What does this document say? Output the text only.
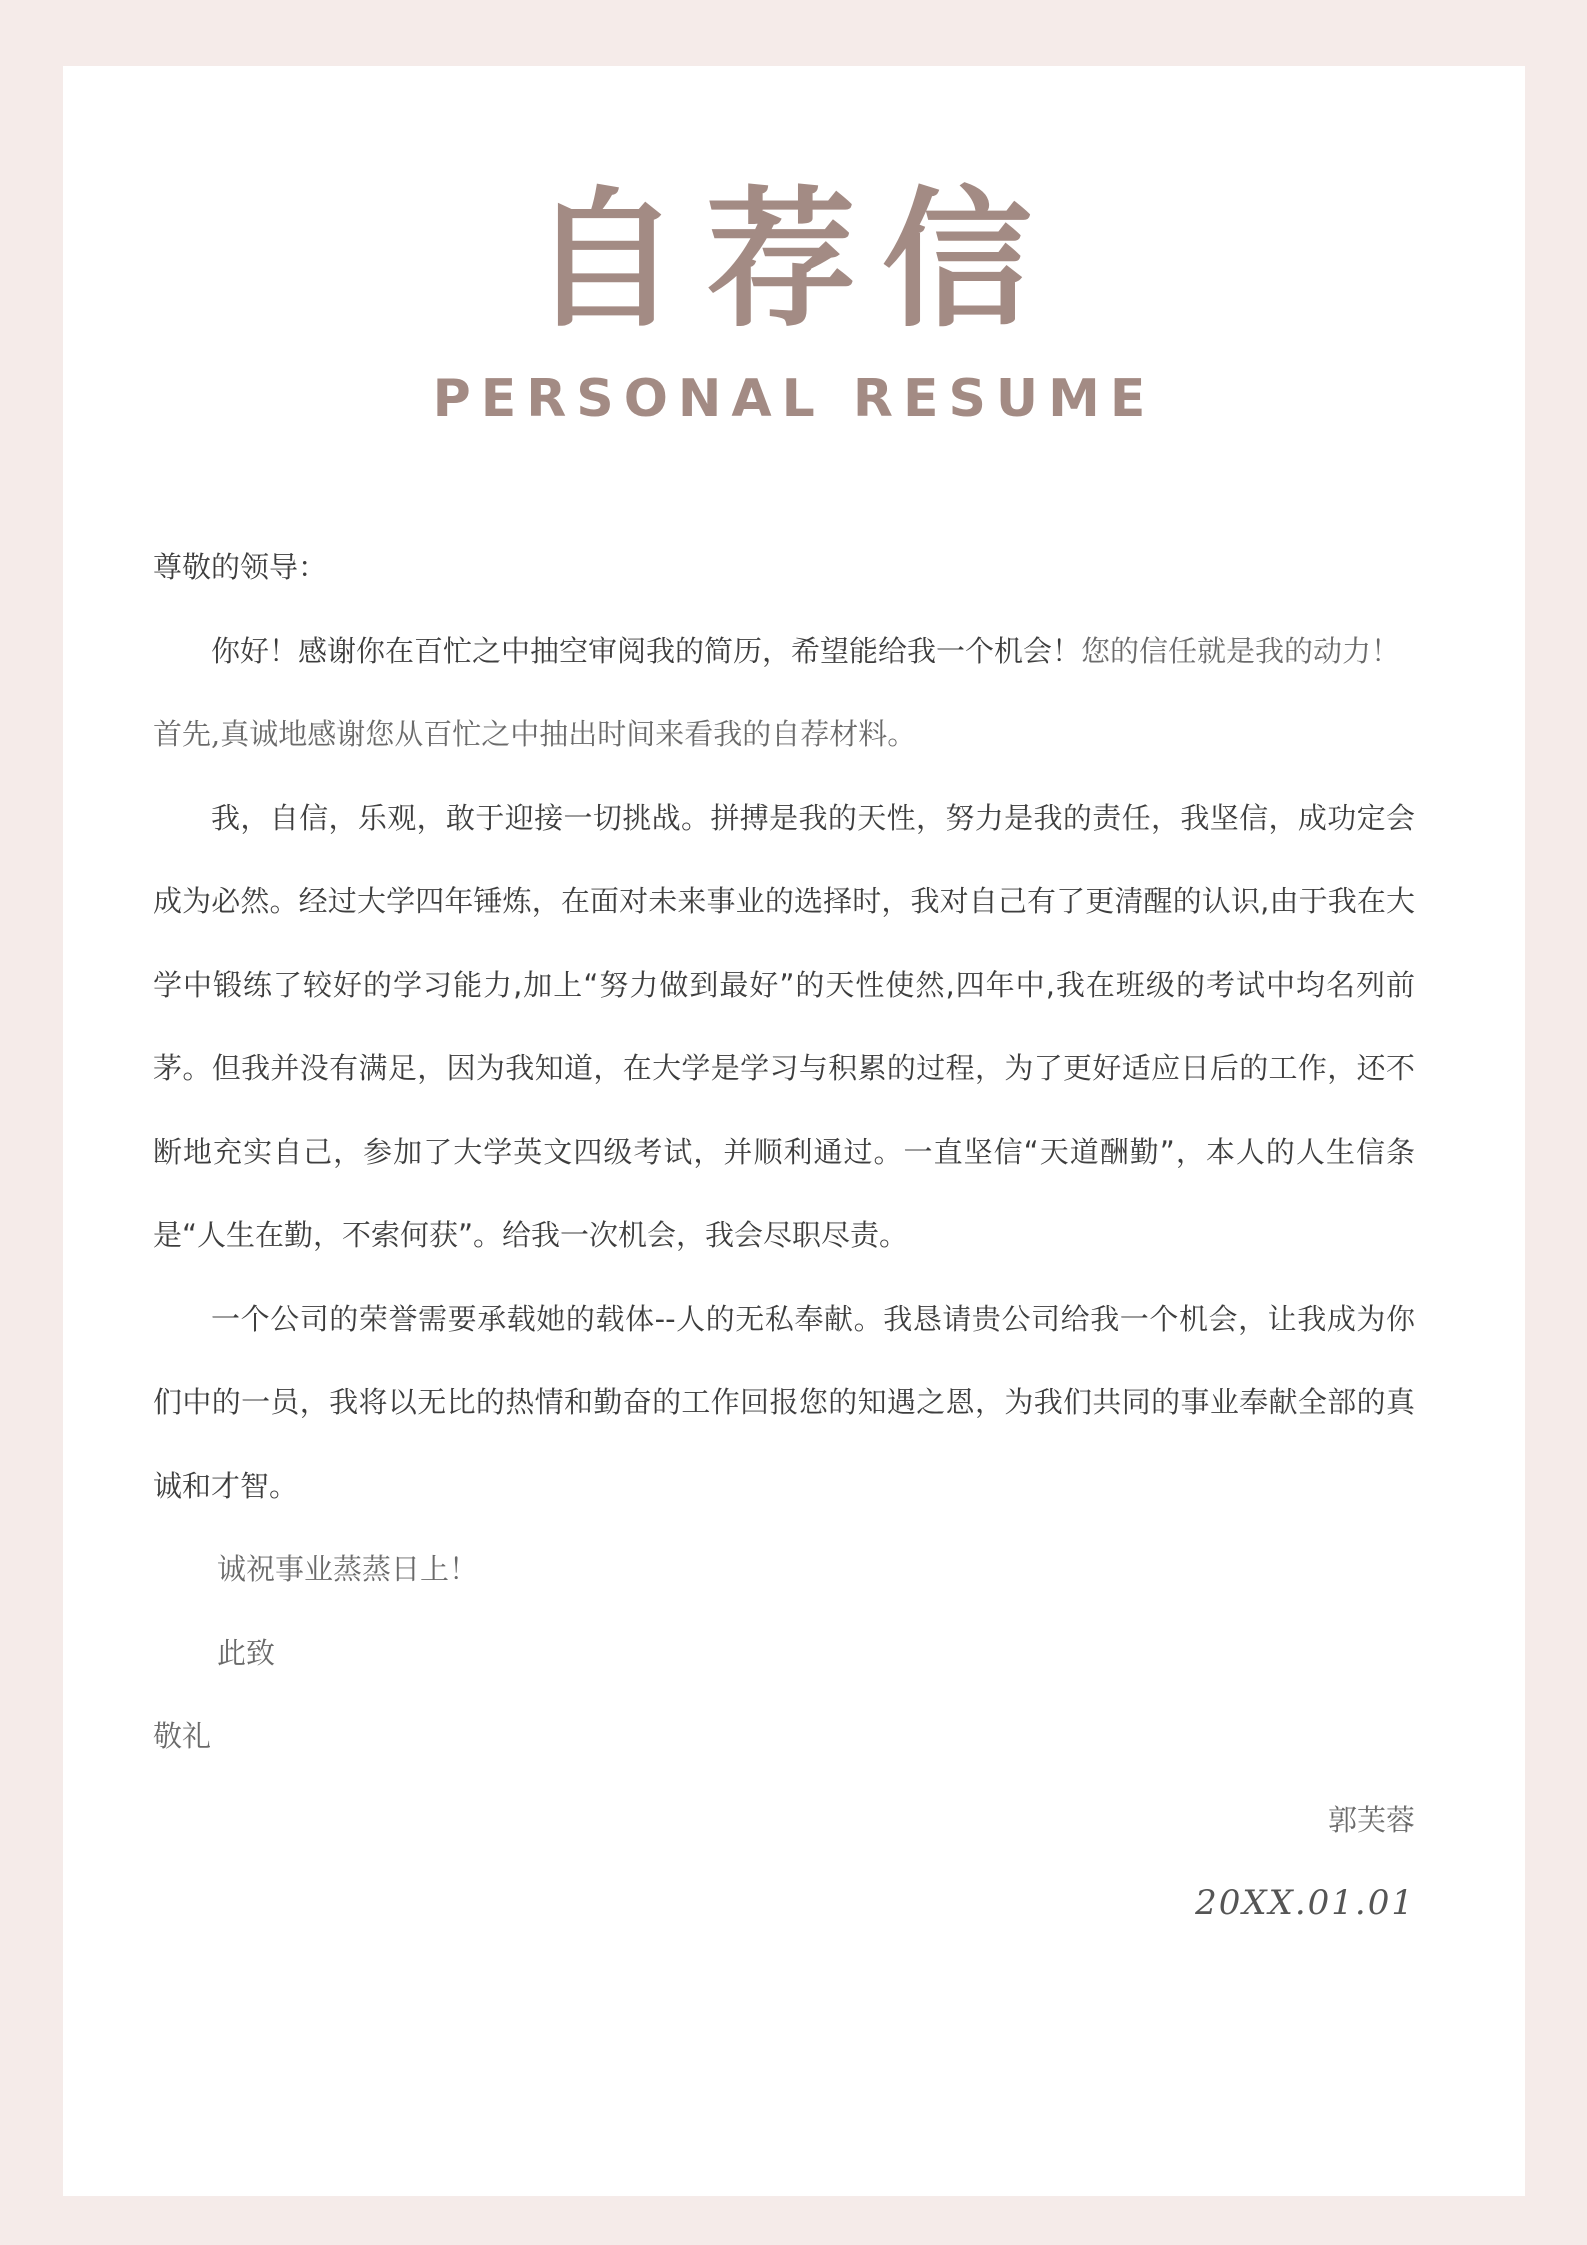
自荐信
PERSONAL RESUME

尊敬的领导：

你好！感谢你在百忙之中抽空审阅我的简历，希望能给我一个机会！您的信任就是我的动力！

首先,真诚地感谢您从百忙之中抽出时间来看我的自荐材料。

我，自信，乐观，敢于迎接一切挑战。拼搏是我的天性，努力是我的责任，我坚信，成功定会

成为必然。经过大学四年锤炼，在面对未来事业的选择时，我对自己有了更清醒的认识,由于我在大

学中锻练了较好的学习能力,加上“努力做到最好”的天性使然,四年中,我在班级的考试中均名列前

茅。但我并没有满足，因为我知道，在大学是学习与积累的过程，为了更好适应日后的工作，还不

断地充实自己，参加了大学英文四级考试，并顺利通过。一直坚信“天道酬勤”，本人的人生信条

是“人生在勤，不索何获”。给我一次机会，我会尽职尽责。

一个公司的荣誉需要承载她的载体--人的无私奉献。我恳请贵公司给我一个机会，让我成为你

们中的一员，我将以无比的热情和勤奋的工作回报您的知遇之恩，为我们共同的事业奉献全部的真

诚和才智。

诚祝事业蒸蒸日上！

此致

敬礼

郭芙蓉

20XX.01.01
